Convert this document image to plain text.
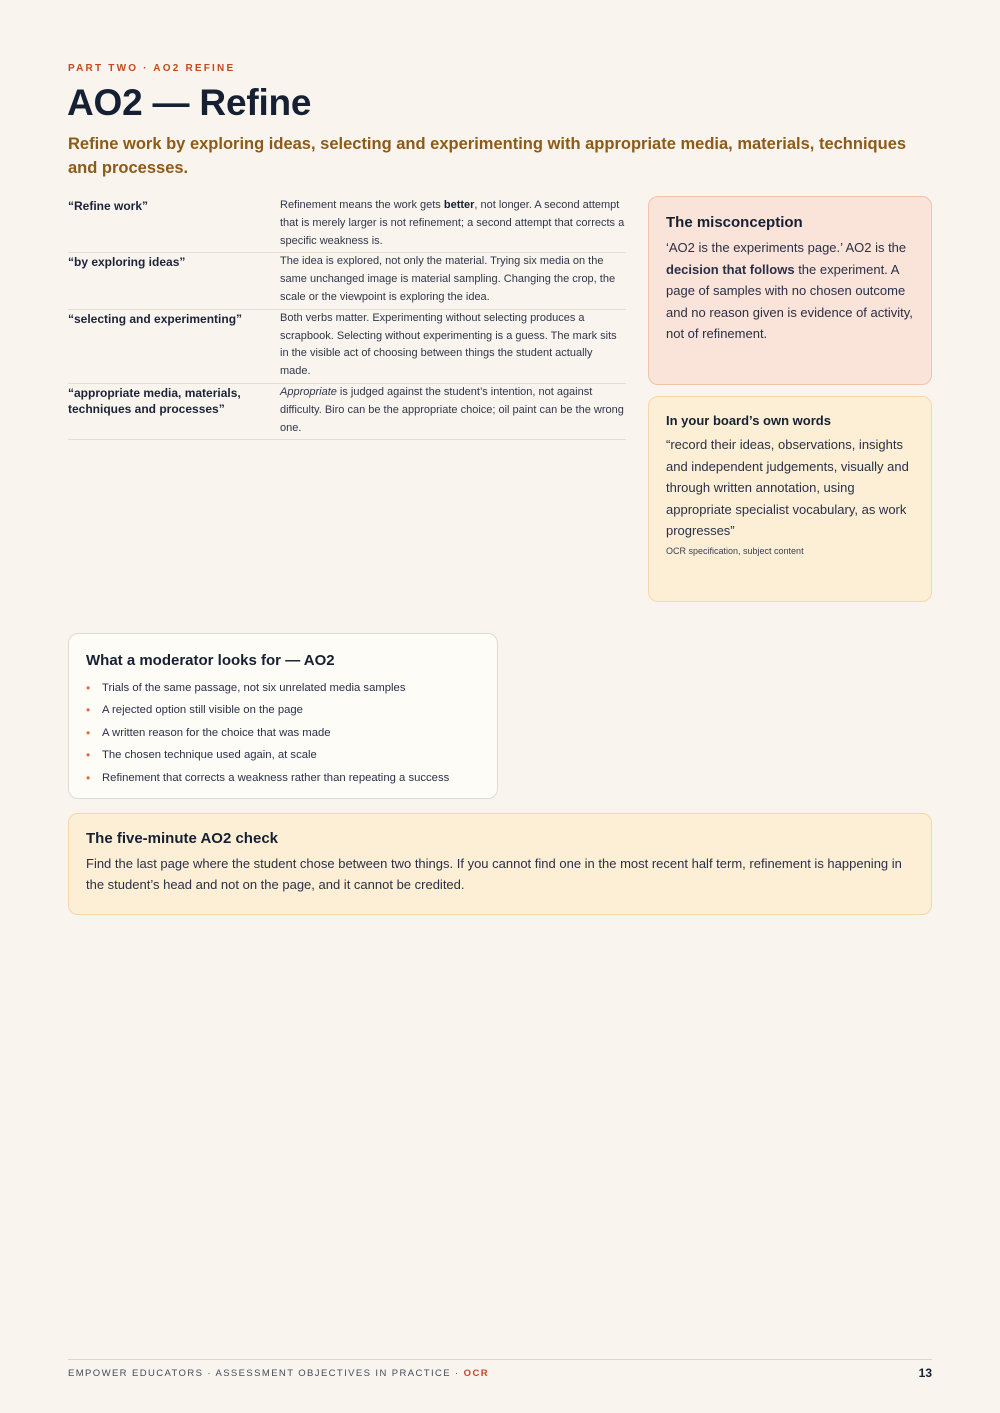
PART TWO · AO2 REFINE
AO2 — Refine

Refine work by exploring ideas, selecting and experimenting with appropriate media, materials, techniques and processes.

“Refine work”	Refinement means the work gets better, not longer. A second attempt that is merely larger is not refinement; a second attempt that corrects a specific weakness is.
“by exploring ideas”	The idea is explored, not only the material. Trying six media on the same unchanged image is material sampling. Changing the crop, the scale or the viewpoint is exploring the idea.
“selecting and experimenting”	Both verbs matter. Experimenting without selecting produces a scrapbook. Selecting without experimenting is a guess. The mark sits in the visible act of choosing between things the student actually made.
“appropriate media, materials, techniques and processes”	Appropriate is judged against the student’s intention, not against difficulty. Biro can be the appropriate choice; oil paint can be the wrong one.
The misconception

‘AO2 is the experiments page.’ AO2 is the decision that follows the experiment. A page of samples with no chosen outcome and no reason given is evidence of activity, not of refinement.

In your board’s own words

“record their ideas, observations, insights and independent judgements, visually and through written annotation, using appropriate specialist vocabulary, as work progresses”

OCR specification, subject content

What a moderator looks for — AO2
• Trials of the same passage, not six unrelated media samples
• A rejected option still visible on the page
• A written reason for the choice that was made
• The chosen technique used again, at scale
• Refinement that corrects a weakness rather than repeating a success
The five-minute AO2 check

Find the last page where the student chose between two things. If you cannot find one in the most recent half term, refinement is happening in the student’s head and not on the page, and it cannot be credited.

EMPOWER EDUCATORS · ASSESSMENT OBJECTIVES IN PRACTICE · OCR	13
